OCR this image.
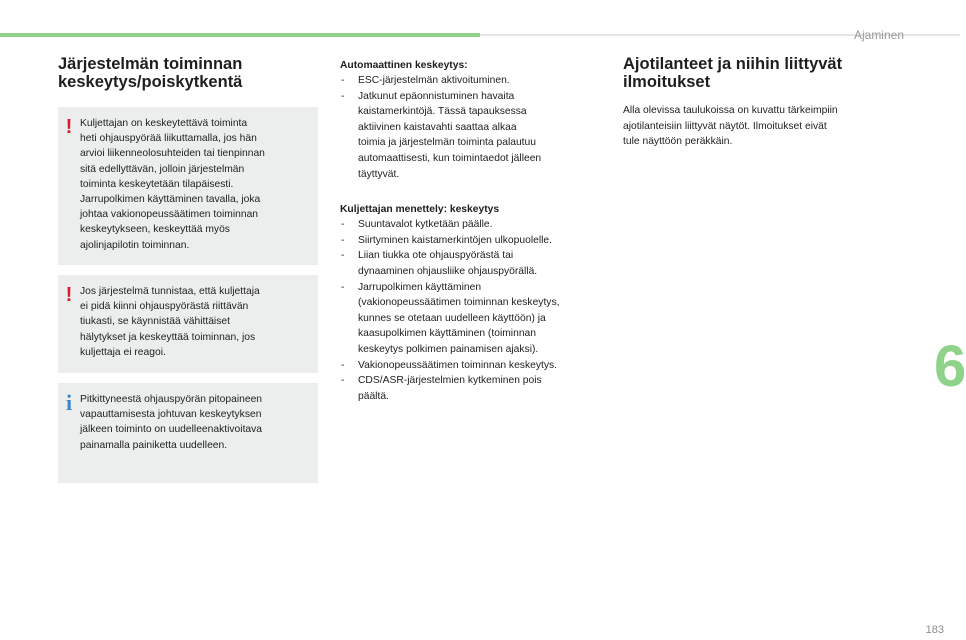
Ajaminen
6
Järjestelmän toiminnan
keskeytys/poiskytkentä
! Kuljettajan on keskeytettävä toiminta
heti ohjauspyörää liikuttamalla, jos hän
arvioi liikenneolosuhteiden tai tienpinnan
sitä edellyttävän, jolloin järjestelmän
toiminta keskeytetään tilapäisesti.
Jarrupolkimen käyttäminen tavalla, joka
johtaa vakionopeussäätimen toiminnan
keskeytykseen, keskeyttää myös
ajolinjapilotin toiminnan.
! Jos järjestelmä tunnistaa, että kuljettaja
ei pidä kiinni ohjauspyörästä riittävän
tiukasti, se käynnistää vähittäiset
hälytykset ja keskeyttää toiminnan, jos
kuljettaja ei reagoi.
i Pitkittyneestä ohjauspyörän pitopaineen
vapauttamisesta johtuvan keskeytyksen
jälkeen toiminto on uudelleenaktivoitava
painamalla painiketta uudelleen.
Automaattinen keskeytys:
- ESC-järjestelmän aktivoituminen.
- Jatkunut epäonnistuminen havaita
kaistamerkintöjä. Tässä tapauksessa
aktiivinen kaistavahti saattaa alkaa
toimia ja järjestelmän toiminta palautuu
automaattisesti, kun toimintaedot jälleen
täyttyvät.
Kuljettajan menettely: keskeytys
- Suuntavalot kytketään päälle.
- Siirtyminen kaistamerkintöjen ulkopuolelle.
- Liian tiukka ote ohjauspyörästä tai
dynaaminen ohjausliike ohjauspyörällä.
- Jarrupolkimen käyttäminen
(vakionopeussäätimen toiminnan keskeytys,
kunnes se otetaan uudelleen käyttöön) ja
kaasupolkimen käyttäminen (toiminnan
keskeytys polkimen painamisen ajaksi).
- Vakionopeussäätimen toiminnan keskeytys.
- CDS/ASR-järjestelmien kytkeminen pois
päältä.
Ajotilanteet ja niihin liittyvät
ilmoitukset

Alla olevissa taulukoissa on kuvattu tärkeimpiin
ajotilanteisiin liittyvät näytöt. Ilmoitukset eivät
tule näyttöön peräkkäin.

183
